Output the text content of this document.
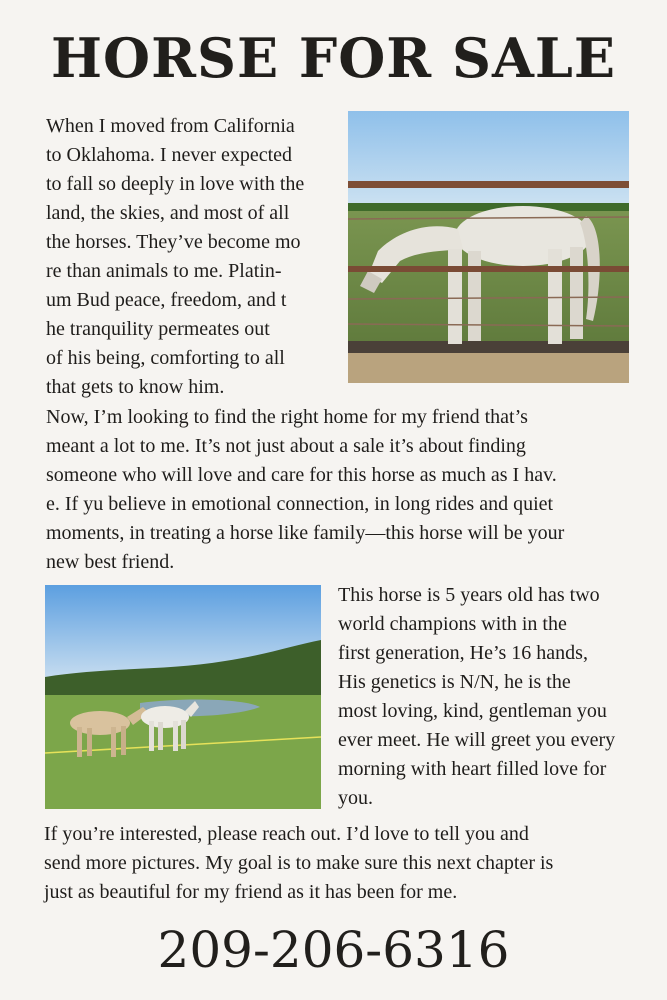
HORSE FOR SALE
When I moved from California
to Oklahoma. I never expected
to fall so deeply in love with the
land, the skies, and most of all
the horses. They’ve become mo
re than animals to me. Platin-
um Bud peace, freedom, and t
he tranquility permeates out
of his being, comforting to all
that gets to know him.
Now, I’m looking to find the right home for my friend that’s
meant a lot to me. It’s not just about a sale it’s about finding
someone who will love and care for this horse as much as I hav.
e. If yu believe in emotional connection, in long rides and quiet
moments, in treating a horse like family—this horse will be your
new best friend.
This horse is 5 years old has two
world champions with in the
first generation, He’s 16 hands,
His genetics is N/N, he is the
most loving, kind, gentleman you
ever meet. He will greet you every
morning with heart filled love for
you.
If you’re interested, please reach out. I’d love to tell you and
send more pictures. My goal is to make sure this next chapter is
just as beautiful for my friend as it has been for me.
209-206-6316
